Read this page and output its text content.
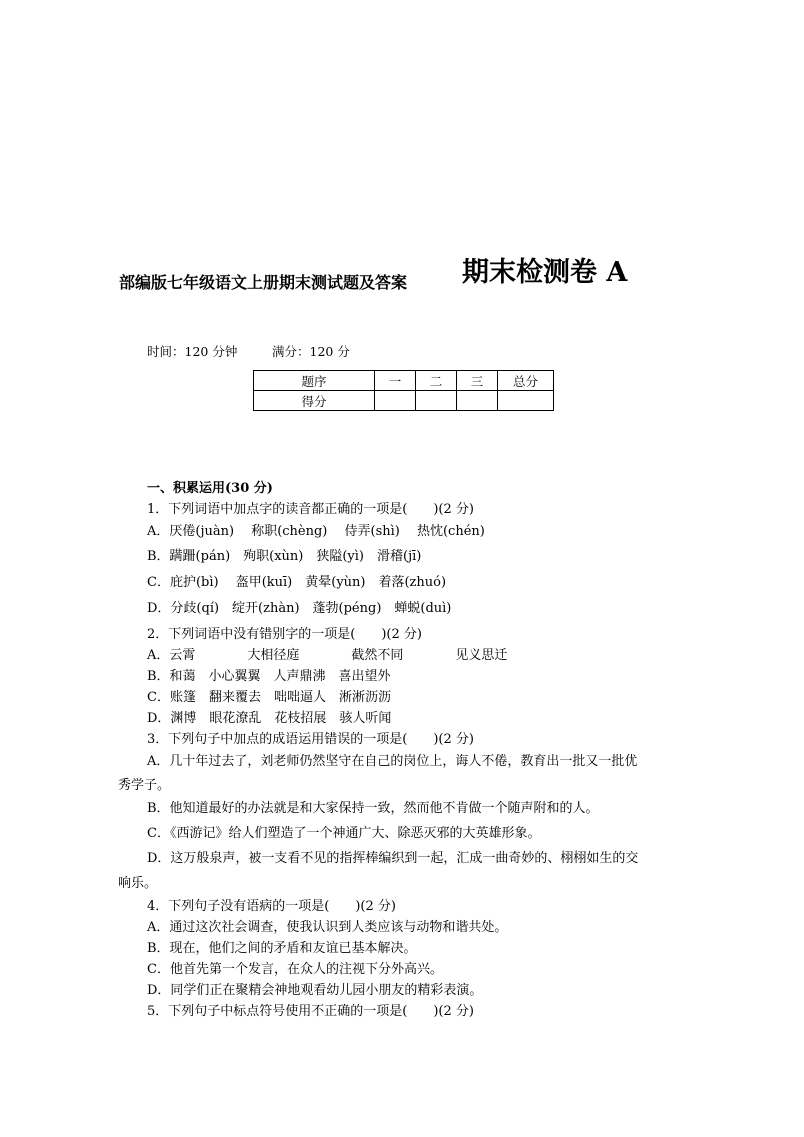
部编版七年级语文上册期末测试题及答案 期末检测卷 A
时间：120 分钟	满分：120 分
题序	一	二	三	总分
得分				
一、积累运用(30 分)
1．下列词语中加点字的读音都正确的一项是(　　)(2 分)
A．厌倦(juàn)　 称职(chèng)　 侍弄(shì)　 热忱(chén)
B．蹒跚(pán)　殉职(xùn)　狭隘(yì)　滑稽(jī)
C．庇护(bì)　 盔甲(kuī)　黄晕(yùn)　着落(zhuó)
D．分歧(qí)　绽开(zhàn)　蓬勃(péng)　蝉蜕(duì)
2．下列词语中没有错别字的一项是(　　)(2 分)
A．云霄　　　　大相径庭　　　　截然不同　　　　见义思迁
B．和蔼　小心翼翼　人声鼎沸　喜出望外
C．账篷　翻来覆去　咄咄逼人　淅淅沥沥
D．渊博　眼花潦乱　花枝招展　骇人听闻
3．下列句子中加点的成语运用错误的一项是(　　)(2 分)
A．几十年过去了，刘老师仍然坚守在自己的岗位上，诲人不倦，教育出一批又一批优
秀学子。
B．他知道最好的办法就是和大家保持一致，然而他不肯做一个随声附和的人。
C．《西游记》给人们塑造了一个神通广大、除恶灭邪的大英雄形象。
D．这万般泉声，被一支看不见的指挥棒编织到一起，汇成一曲奇妙的、栩栩如生的交
响乐。
4．下列句子没有语病的一项是(　　)(2 分)
A．通过这次社会调查，使我认识到人类应该与动物和谐共处。
B．现在，他们之间的矛盾和友谊已基本解决。
C．他首先第一个发言，在众人的注视下分外高兴。
D．同学们正在聚精会神地观看幼儿园小朋友的精彩表演。
5．下列句子中标点符号使用不正确的一项是(　　)(2 分)
